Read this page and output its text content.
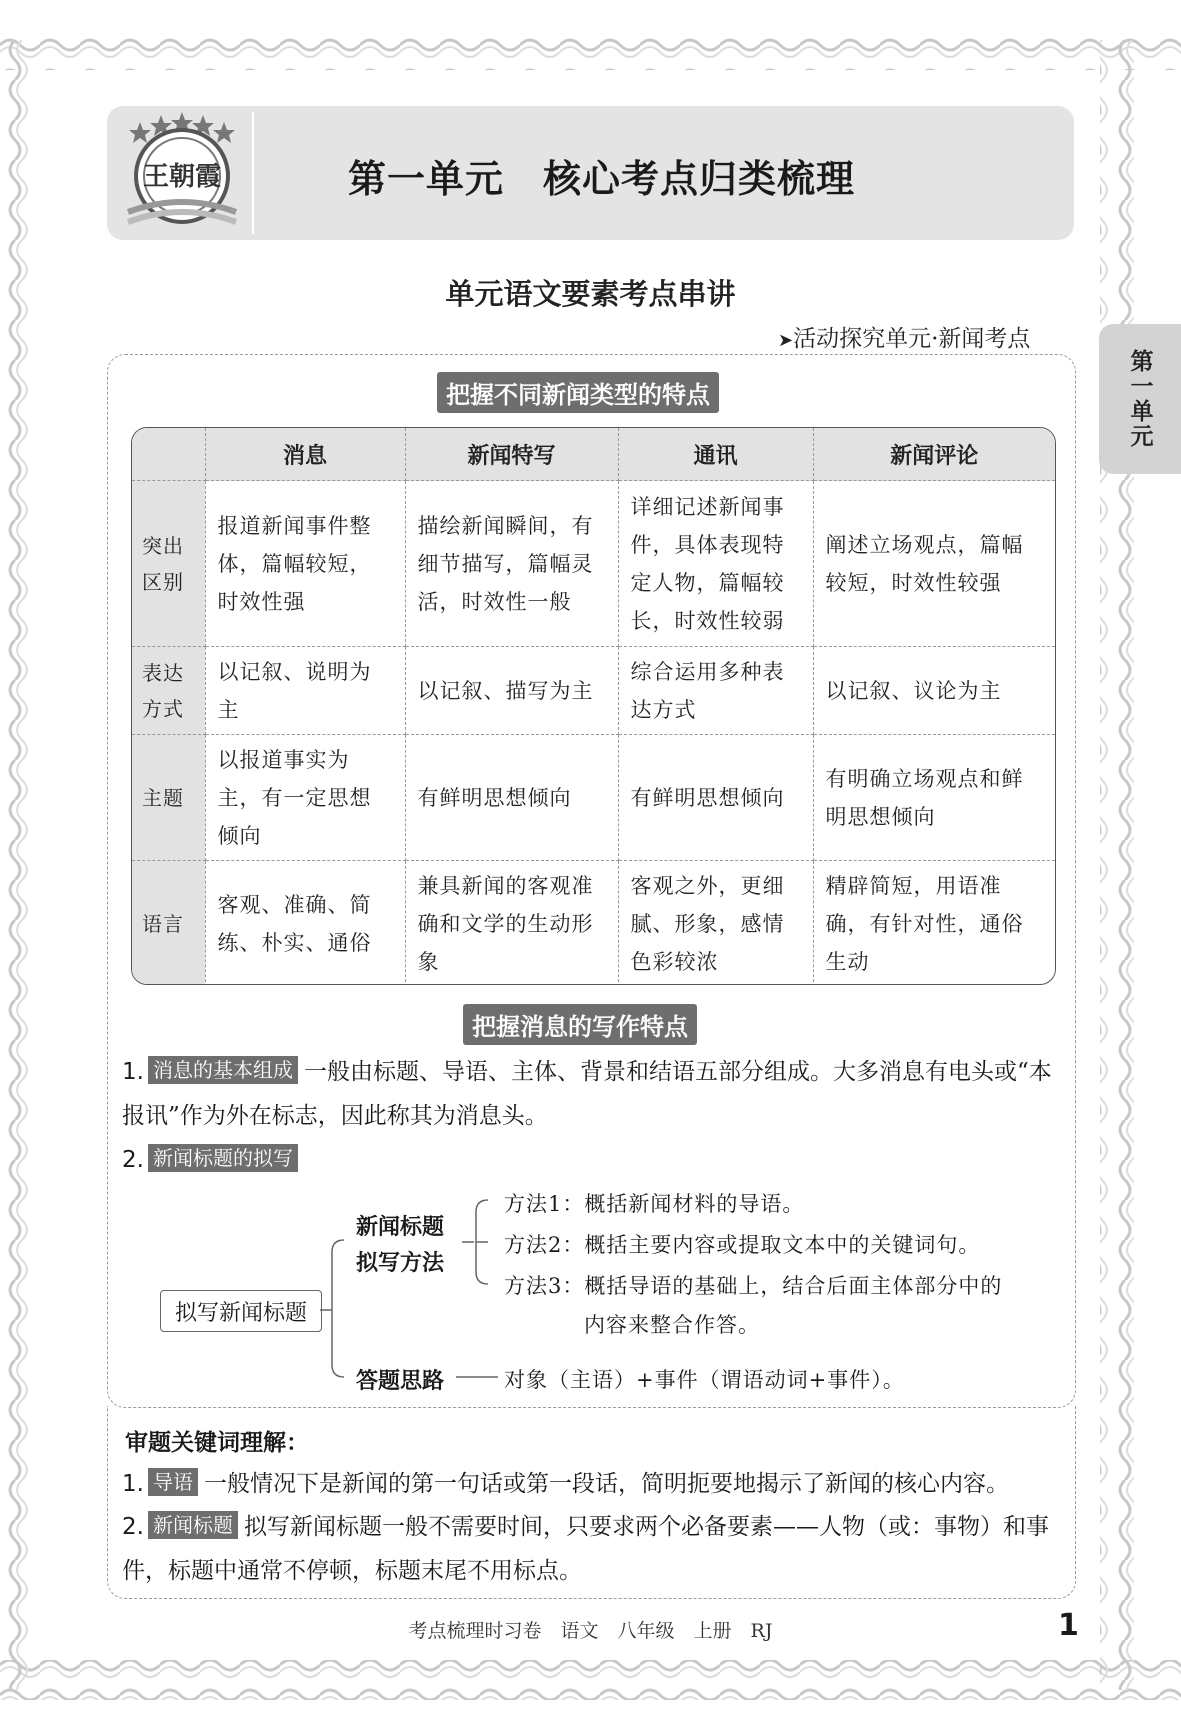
王朝霞	第一单元　核心考点归类梳理
单元语文要素考点串讲
➤活动探究单元·新闻考点
第一单元
把握不同新闻类型的特点
	消息	新闻特写	通讯	新闻评论
突出区别	报道新闻事件整体，篇幅较短，时效性强	描绘新闻瞬间，有细节描写，篇幅灵活，时效性一般	详细记述新闻事件，具体表现特定人物，篇幅较长，时效性较弱	阐述立场观点，篇幅较短，时效性较强
表达方式	以记叙、说明为主	以记叙、描写为主	综合运用多种表达方式	以记叙、议论为主
主题	以报道事实为主，有一定思想倾向	有鲜明思想倾向	有鲜明思想倾向	有明确立场观点和鲜明思想倾向
语言	客观、准确、简练、朴实、通俗	兼具新闻的客观准确和文学的生动形象	客观之外，更细腻、形象，感情色彩较浓	精辟简短，用语准确，有针对性，通俗生动
把握消息的写作特点
1. 消息的基本组成 一般由标题、导语、主体、背景和结语五部分组成。大多消息有电头或“本报讯”作为外在标志，因此称其为消息头。
2. 新闻标题的拟写
拟写新闻标题
新闻标题
拟写方法
方法1：概括新闻材料的导语。
方法2：概括主要内容或提取文本中的关键词句。
方法3：概括导语的基础上，结合后面主体部分中的
内容来整合作答。
答题思路	对象（主语）+事件（谓语动词+事件）。
审题关键词理解：
1. 导语 一般情况下是新闻的第一句话或第一段话，简明扼要地揭示了新闻的核心内容。
2. 新闻标题 拟写新闻标题一般不需要时间，只要求两个必备要素——人物（或：事物）和事件，标题中通常不停顿，标题末尾不用标点。
考点梳理时习卷　语文　八年级　上册　RJ	1
